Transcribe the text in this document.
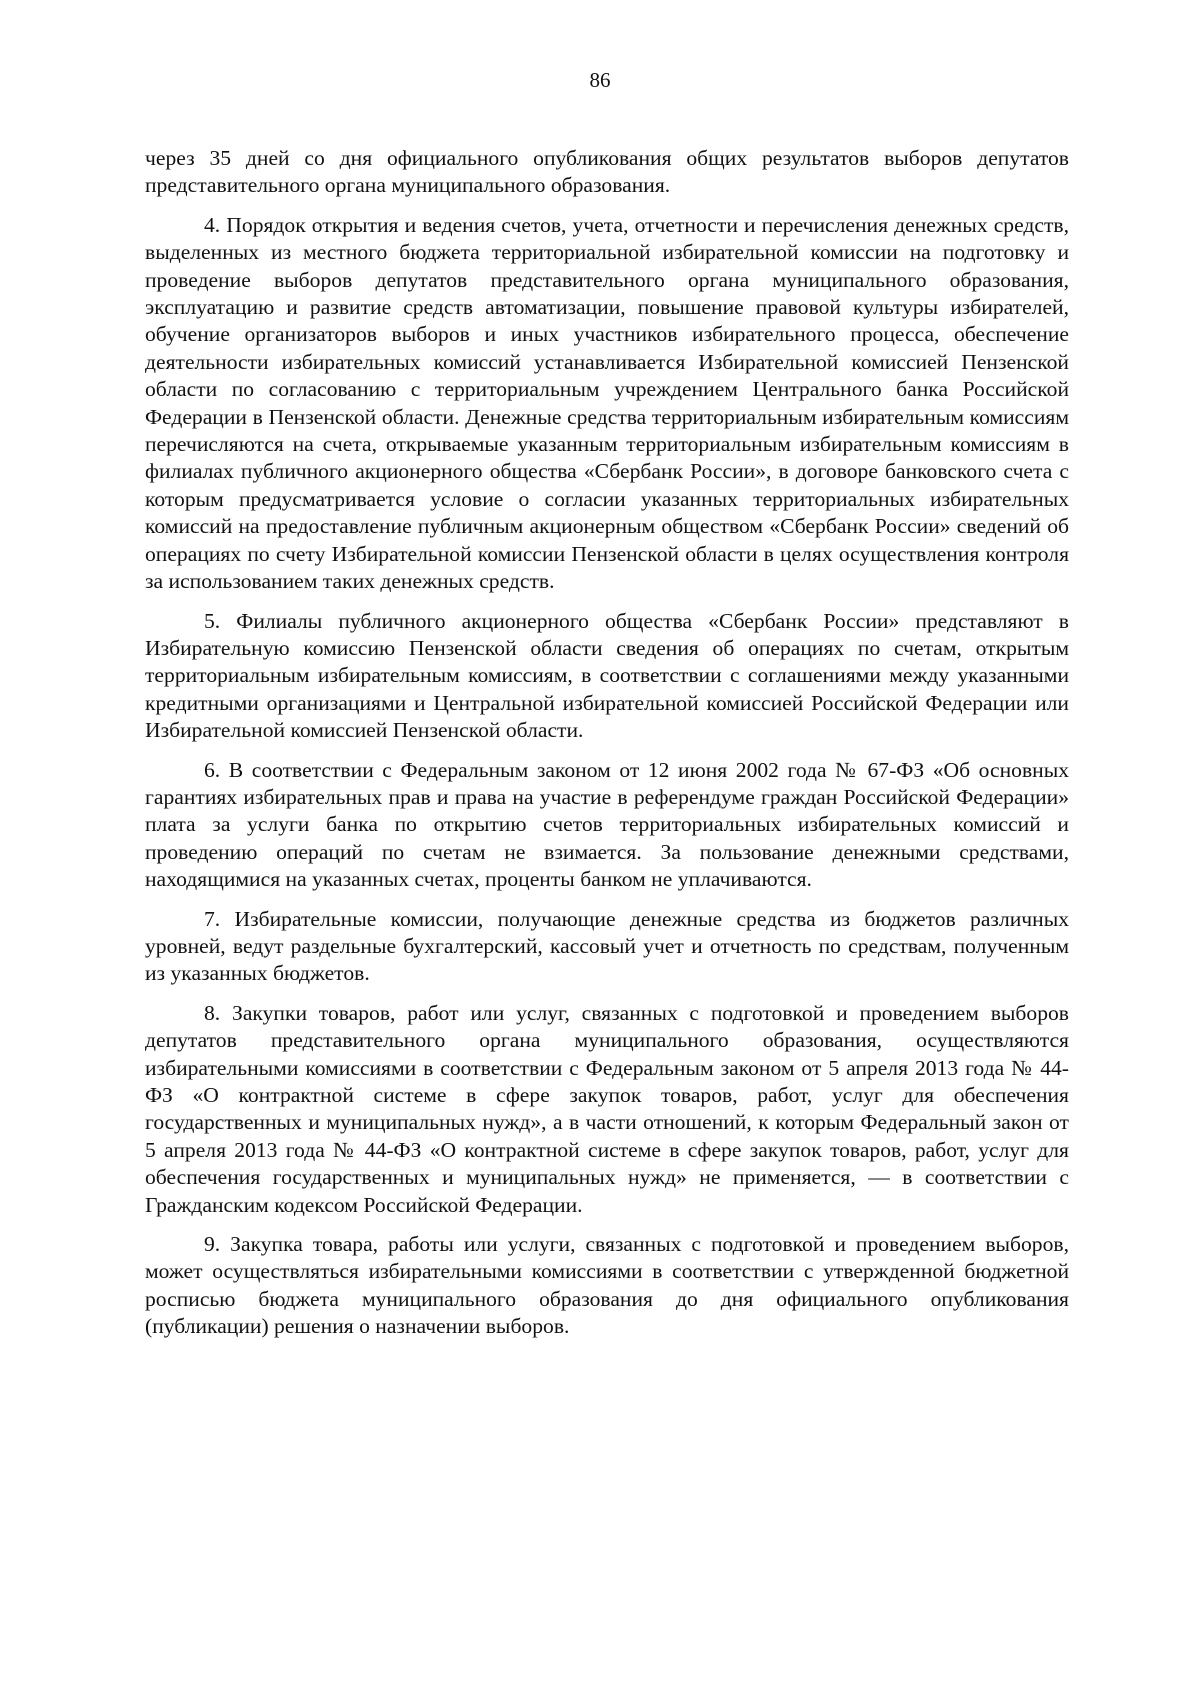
86

через 35 дней со дня официального опубликования общих результатов выборов депутатов представительного органа муниципального образования.

4. Порядок открытия и ведения счетов, учета, отчетности и перечисления денежных средств, выделенных из местного бюджета территориальной избирательной комиссии на подготовку и проведение выборов депутатов представительного органа муниципального образования, эксплуатацию и развитие средств автоматизации, повышение правовой культуры избирателей, обучение организаторов выборов и иных участников избирательного процесса, обеспечение деятельности избирательных комиссий устанавливается Избирательной комиссией Пензенской области по согласованию с территориальным учреждением Центрального банка Российской Федерации в Пензенской области. Денежные средства территориальным избирательным комиссиям перечисляются на счета, открываемые указанным территориальным избирательным комиссиям в филиалах публичного акционерного общества «Сбербанк России», в договоре банковского счета с которым предусматривается условие о согласии указанных территориальных избирательных комиссий на предоставление публичным акционерным обществом «Сбербанк России» сведений об операциях по счету Избирательной комиссии Пензенской области в целях осуществления контроля за использованием таких денежных средств.

5. Филиалы публичного акционерного общества «Сбербанк России» представляют в Избирательную комиссию Пензенской области сведения об операциях по счетам, открытым территориальным избирательным комиссиям, в соответствии с соглашениями между указанными кредитными организациями и Центральной избирательной комиссией Российской Федерации или Избирательной комиссией Пензенской области.

6. В соответствии с Федеральным законом от 12 июня 2002 года № 67-ФЗ «Об основных гарантиях избирательных прав и права на участие в референдуме граждан Российской Федерации» плата за услуги банка по открытию счетов территориальных избирательных комиссий и проведению операций по счетам не взимается. За пользование денежными средствами, находящимися на указанных счетах, проценты банком не уплачиваются.

7. Избирательные комиссии, получающие денежные средства из бюджетов различных уровней, ведут раздельные бухгалтерский, кассовый учет и отчетность по средствам, полученным из указанных бюджетов.

8. Закупки товаров, работ или услуг, связанных с подготовкой и проведением выборов депутатов представительного органа муниципального образования, осуществляются избирательными комиссиями в соответствии с Федеральным законом от 5 апреля 2013 года № 44-ФЗ «О контрактной системе в сфере закупок товаров, работ, услуг для обеспечения государственных и муниципальных нужд», а в части отношений, к которым Федеральный закон от 5 апреля 2013 года № 44-ФЗ «О контрактной системе в сфере закупок товаров, работ, услуг для обеспечения государственных и муниципальных нужд» не применяется, — в соответствии с Гражданским кодексом Российской Федерации.

9. Закупка товара, работы или услуги, связанных с подготовкой и проведением выборов, может осуществляться избирательными комиссиями в соответствии с утвержденной бюджетной росписью бюджета муниципального образования до дня официального опубликования (публикации) решения о назначении выборов.
